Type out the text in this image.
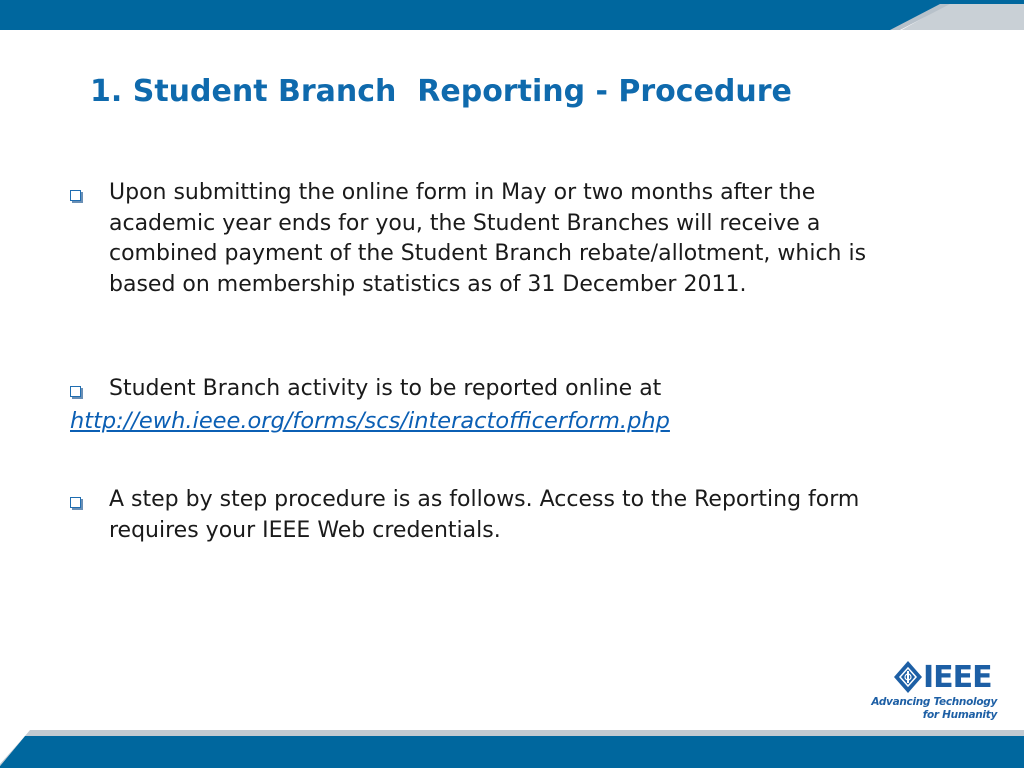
1. Student Branch  Reporting - Procedure

Upon submitting the online form in May or two months after the academic year ends for you, the Student Branches will receive a combined payment of the Student Branch rebate/allotment, which is based on membership statistics as of 31 December 2011.

Student Branch activity is to be reported online at

http://ewh.ieee.org/forms/scs/interactofficerform.php

A step by step procedure is as follows. Access to the Reporting form requires your IEEE Web credentials.

IEEE
Advancing Technology
for Humanity
